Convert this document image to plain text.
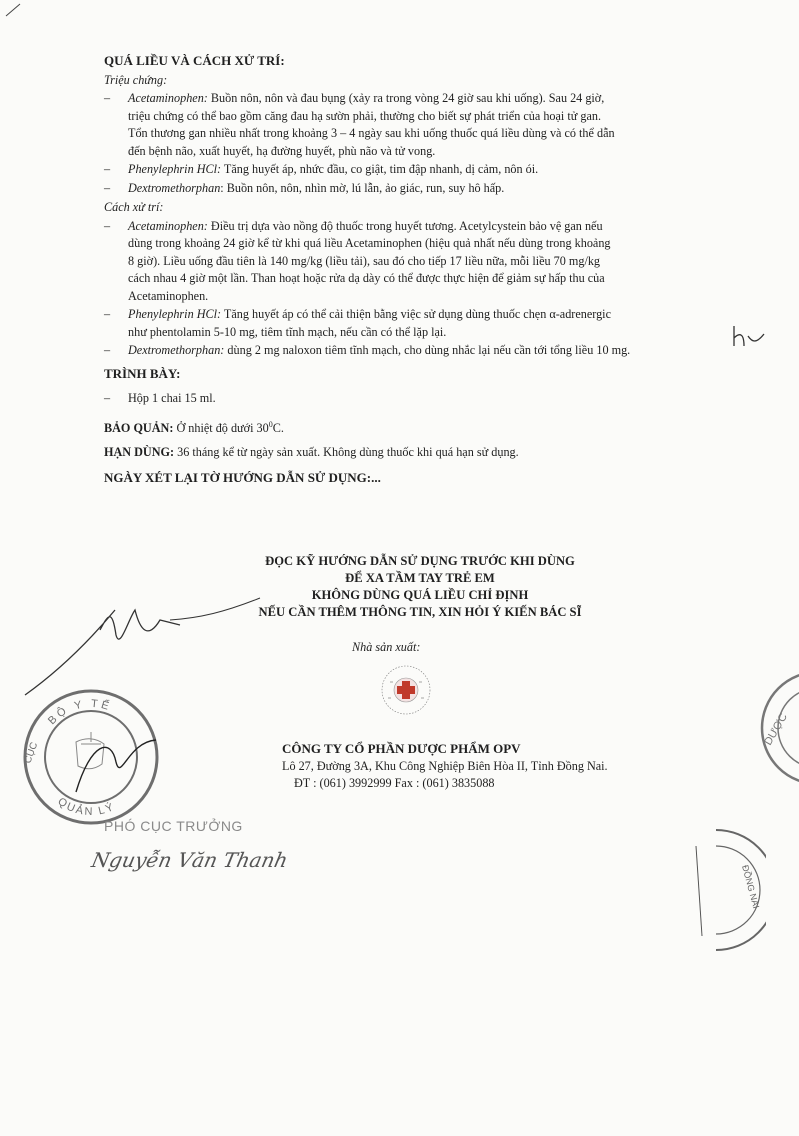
QUÁ LIỀU VÀ CÁCH XỬ TRÍ:

Triệu chứng:

– Acetaminophen: Buồn nôn, nôn và đau bụng (xảy ra trong vòng 24 giờ sau khi uống). Sau 24 giờ,
triệu chứng có thể bao gồm căng đau hạ sườn phải, thường cho biết sự phát triển của hoại tử gan.
Tổn thương gan nhiều nhất trong khoảng 3 – 4 ngày sau khi uống thuốc quá liều dùng và có thể dẫn
đến bệnh não, xuất huyết, hạ đường huyết, phù não và tử vong.
– Phenylephrin HCl: Tăng huyết áp, nhức đầu, co giật, tim đập nhanh, dị cảm, nôn ói.
– Dextromethorphan: Buồn nôn, nôn, nhìn mờ, lú lẫn, ảo giác, run, suy hô hấp.

Cách xử trí:

– Acetaminophen: Điều trị dựa vào nồng độ thuốc trong huyết tương. Acetylcystein bảo vệ gan nếu
dùng trong khoảng 24 giờ kể từ khi quá liều Acetaminophen (hiệu quả nhất nếu dùng trong khoảng
8 giờ). Liều uống đầu tiên là 140 mg/kg (liều tải), sau đó cho tiếp 17 liều nữa, mỗi liều 70 mg/kg
cách nhau 4 giờ một lần. Than hoạt hoặc rửa dạ dày có thể được thực hiện để giảm sự hấp thu của
Acetaminophen.
– Phenylephrin HCl: Tăng huyết áp có thể cải thiện bằng việc sử dụng dùng thuốc chẹn α-adrenergic
như phentolamin 5-10 mg, tiêm tĩnh mạch, nếu cần có thể lặp lại.
– Dextromethorphan: dùng 2 mg naloxon tiêm tĩnh mạch, cho dùng nhắc lại nếu cần tới tổng liều 10 mg.

TRÌNH BÀY:

– Hộp 1 chai 15 ml.

BẢO QUẢN: Ở nhiệt độ dưới $30^0C$.

HẠN DÙNG: 36 tháng kể từ ngày sản xuất. Không dùng thuốc khi quá hạn sử dụng.

NGÀY XÉT LẠI TỜ HƯỚNG DẪN SỬ DỤNG:...

ĐỌC KỸ HƯỚNG DẪN SỬ DỤNG TRƯỚC KHI DÙNG
ĐỂ XA TẦM TAY TRẺ EM
KHÔNG DÙNG QUÁ LIỀU CHỈ ĐỊNH
NẾU CẦN THÊM THÔNG TIN, XIN HỎI Ý KIẾN BÁC SĨ
Nhà sản xuất:
CÔNG TY CỔ PHẦN DƯỢC PHẨM OPV
Lô 27, Đường 3A, Khu Công Nghiệp Biên Hòa II, Tỉnh Đồng Nai.
ĐT : (061) 3992999 Fax : (061) 3835088
BỘ Y TẾ
QUẢN LÝ
CỤC
PHÓ CỤC TRƯỞNG
Nguyễn Văn Thanh
DƯỢC
ĐỒNG NAI
